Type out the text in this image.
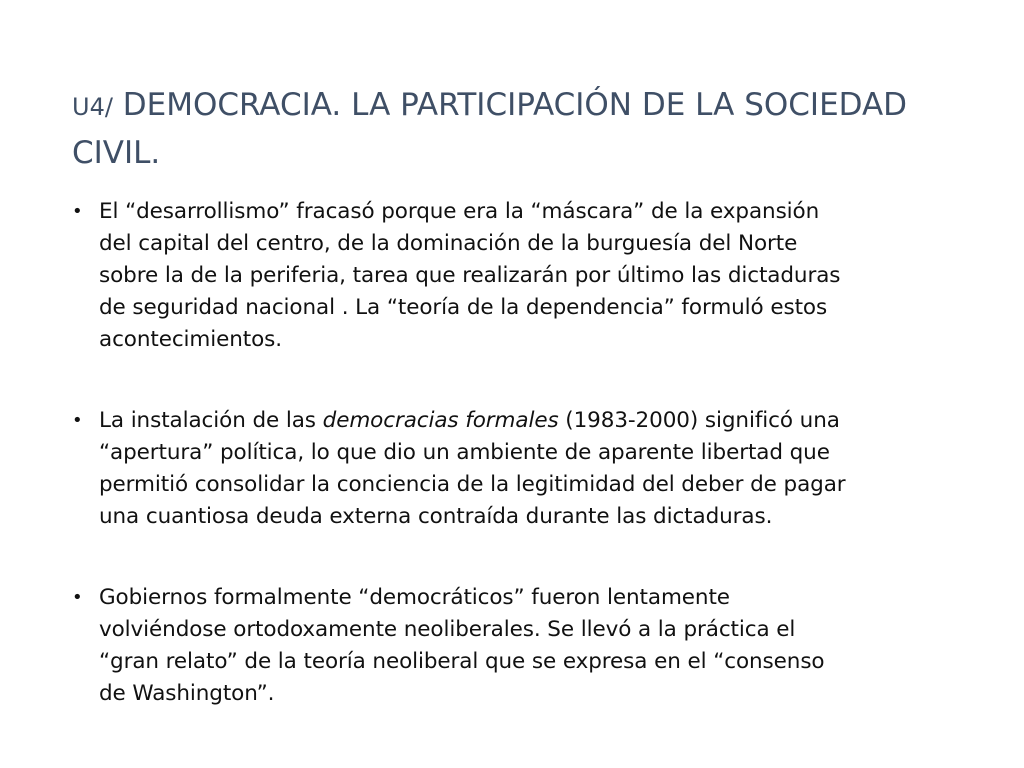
U4/ DEMOCRACIA. LA PARTICIPACIÓN DE LA SOCIEDAD
CIVIL.
• El “desarrollismo” fracasó porque era la “máscara” de la expansión
del capital del centro, de la dominación de la burguesía del Norte
sobre la de la periferia, tarea que realizarán por último las dictaduras
de seguridad nacional . La “teoría de la dependencia” formuló estos
acontecimientos.
• La instalación de las democracias formales (1983-2000) significó una
“apertura” política, lo que dio un ambiente de aparente libertad que
permitió consolidar la conciencia de la legitimidad del deber de pagar
una cuantiosa deuda externa contraída durante las dictaduras.
• Gobiernos formalmente “democráticos” fueron lentamente
volviéndose ortodoxamente neoliberales. Se llevó a la práctica el
“gran relato” de la teoría neoliberal que se expresa en el “consenso
de Washington”.
